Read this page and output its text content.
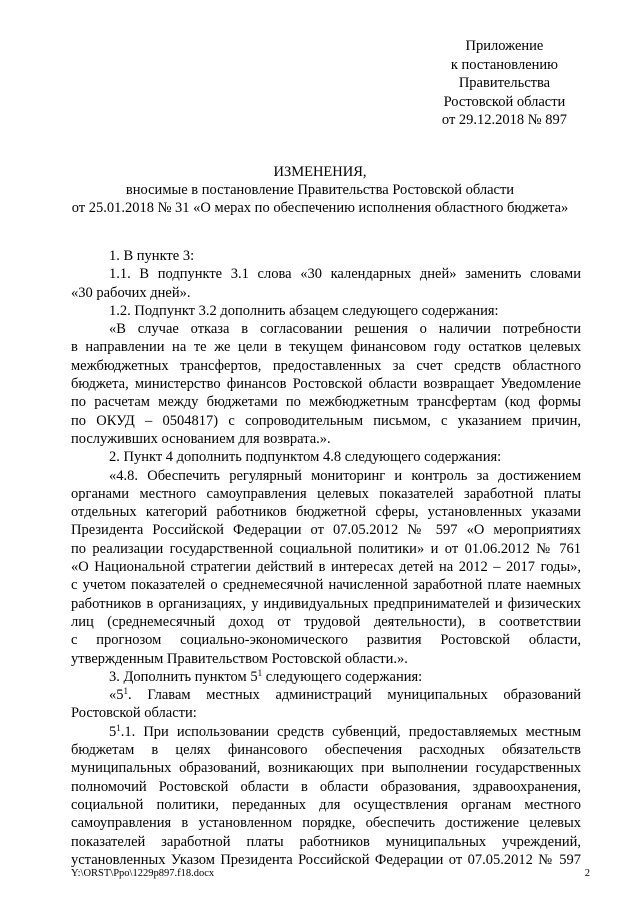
Приложение
к постановлению
Правительства
Ростовской области
от 29.12.2018 № 897
ИЗМЕНЕНИЯ,
вносимые в постановление Правительства Ростовской области
от 25.01.2018 № 31 «О мерах по обеспечению исполнения областного бюджета»
1. В пункте 3:
1.1. В подпункте 3.1 слова «30 календарных дней» заменить словами
«30 рабочих дней».
1.2. Подпункт 3.2 дополнить абзацем следующего содержания:
«В случае отказа в согласовании решения о наличии потребности
в направлении на те же цели в текущем финансовом году остатков целевых
межбюджетных трансфертов, предоставленных за счет средств областного
бюджета, министерство финансов Ростовской области возвращает Уведомление
по расчетам между бюджетами по межбюджетным трансфертам (код формы
по ОКУД – 0504817) с сопроводительным письмом, с указанием причин,
послуживших основанием для возврата.».
2. Пункт 4 дополнить подпунктом 4.8 следующего содержания:
«4.8. Обеспечить регулярный мониторинг и контроль за достижением
органами местного самоуправления целевых показателей заработной платы
отдельных категорий работников бюджетной сферы, установленных указами
Президента Российской Федерации от 07.05.2012 № 597 «О мероприятиях
по реализации государственной социальной политики» и от 01.06.2012 № 761
«О Национальной стратегии действий в интересах детей на 2012 – 2017 годы»,
с учетом показателей о среднемесячной начисленной заработной плате наемных
работников в организациях, у индивидуальных предпринимателей и физических
лиц (среднемесячный доход от трудовой деятельности), в соответствии
с прогнозом социально-экономического развития Ростовской области,
утвержденным Правительством Ростовской области.».
3. Дополнить пунктом $5^1$ следующего содержания:
«$5^1$. Главам местных администраций муниципальных образований
Ростовской области:
$5^1.1$. При использовании средств субвенций, предоставляемых местным
бюджетам в целях финансового обеспечения расходных обязательств
муниципальных образований, возникающих при выполнении государственных
полномочий Ростовской области в области образования, здравоохранения,
социальной политики, переданных для осуществления органам местного
самоуправления в установленном порядке, обеспечить достижение целевых
показателей заработной платы работников муниципальных учреждений,
установленных Указом Президента Российской Федерации от 07.05.2012 № 597
Y:\ORST\Ppo\1229p897.f18.docx	2
